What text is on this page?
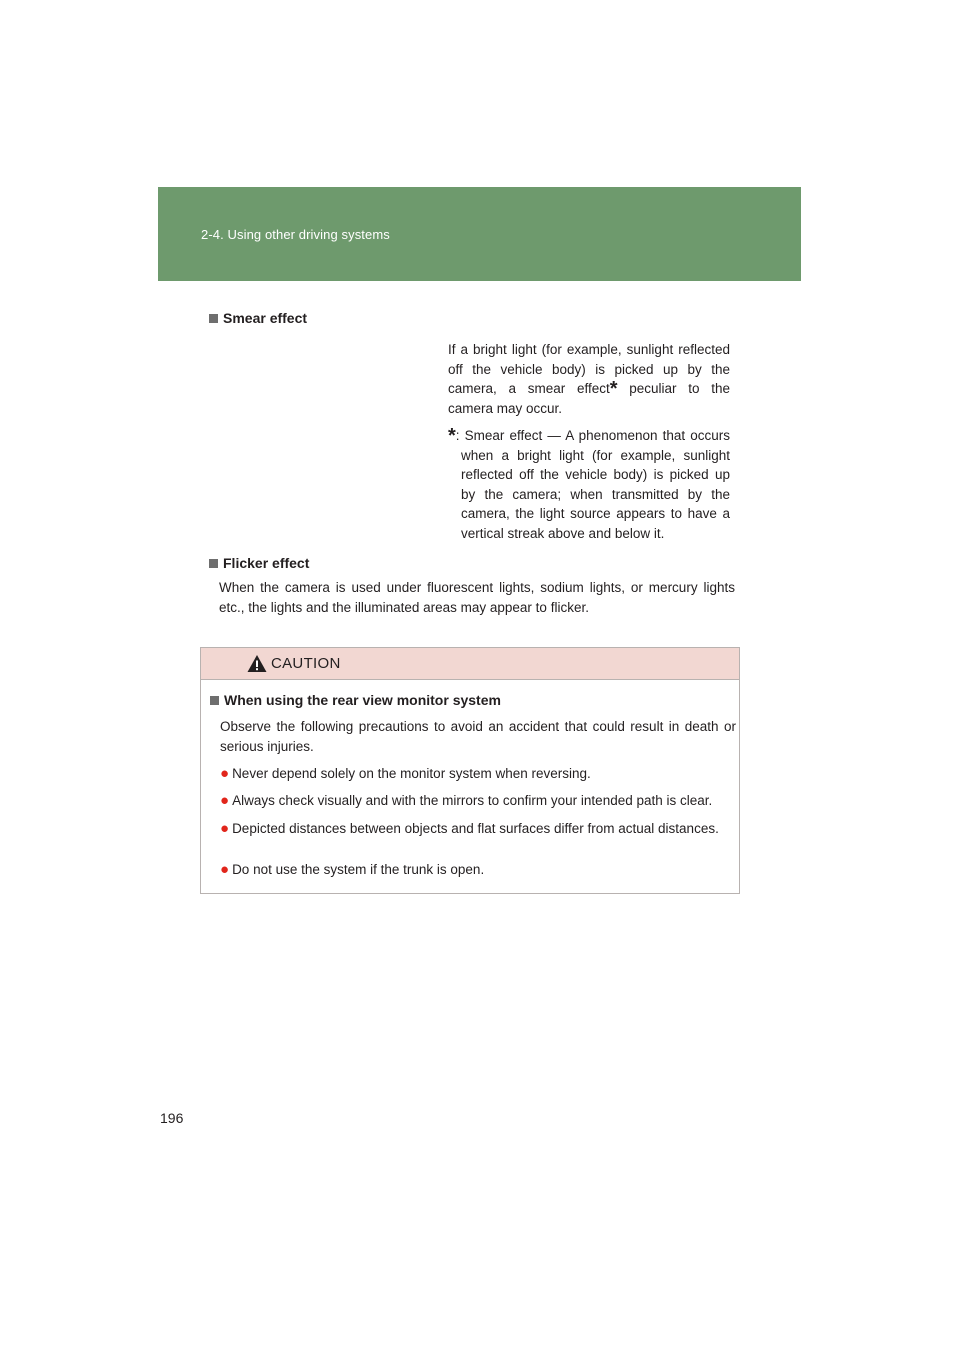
2-4. Using other driving systems
Smear effect
If a bright light (for example, sunlight reflected off the vehicle body) is picked up by the camera, a smear effect* peculiar to the camera may occur.
*: Smear effect — A phenomenon that occurs when a bright light (for example, sunlight reflected off the vehicle body) is picked up by the camera; when transmitted by the camera, the light source appears to have a vertical streak above and below it.
Flicker effect
When the camera is used under fluorescent lights, sodium lights, or mercury lights etc., the lights and the illuminated areas may appear to flicker.
CAUTION
When using the rear view monitor system
Observe the following precautions to avoid an accident that could result in death or serious injuries.
● Never depend solely on the monitor system when reversing.
● Always check visually and with the mirrors to confirm your intended path is clear.
● Depicted distances between objects and flat surfaces differ from actual distances.
● Do not use the system if the trunk is open.
196
